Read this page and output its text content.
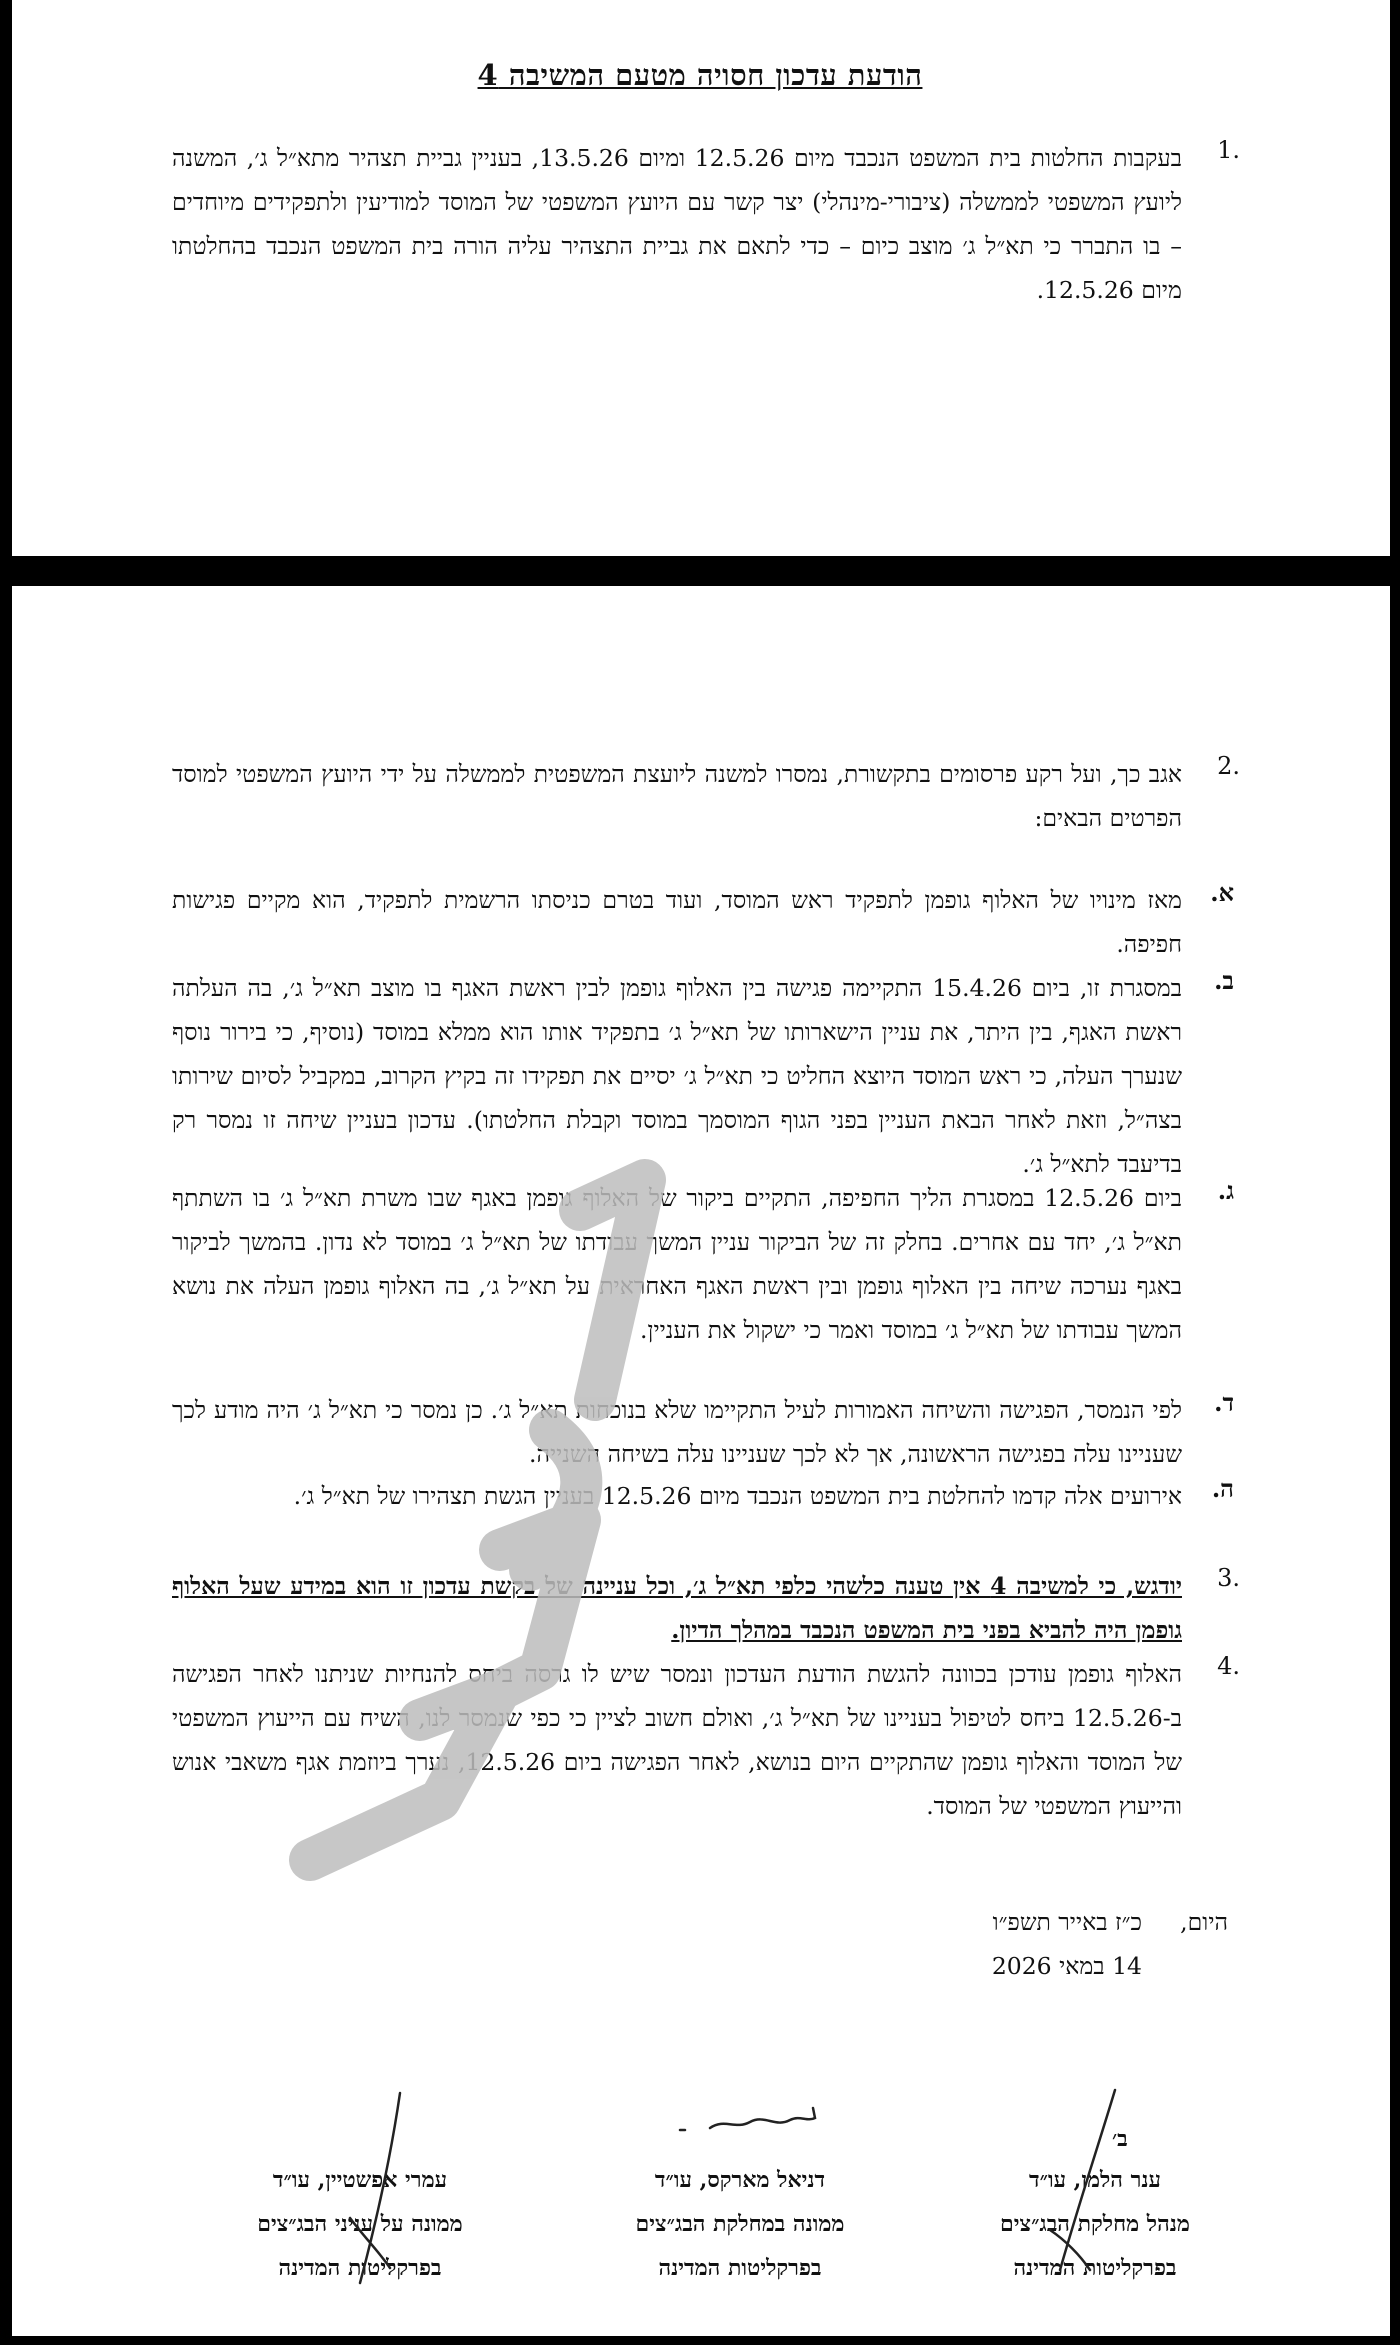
הודעת עדכון חסויה מטעם המשיבה 4
.1
בעקבות החלטות בית המשפט הנכבד מיום 12.5.26 ומיום 13.5.26, בעניין גביית תצהיר מתא״ל ג׳, המשנה ליועץ המשפטי לממשלה (ציבורי-מינהלי) יצר קשר עם היועץ המשפטי של המוסד למודיעין ולתפקידים מיוחדים – בו התברר כי תא״ל ג׳ מוצב כיום – כדי לתאם את גביית התצהיר עליה הורה בית המשפט הנכבד בהחלטתו מיום 12.5.26.
.2
אגב כך, ועל רקע פרסומים בתקשורת, נמסרו למשנה ליועצת המשפטית לממשלה על ידי היועץ המשפטי למוסד הפרטים הבאים:
א.
מאז מינויו של האלוף גופמן לתפקיד ראש המוסד, ועוד בטרם כניסתו הרשמית לתפקיד, הוא מקיים פגישות חפיפה.
ב.
במסגרת זו, ביום 15.4.26 התקיימה פגישה בין האלוף גופמן לבין ראשת האגף בו מוצב תא״ל ג׳, בה העלתה ראשת האגף, בין היתר, את עניין הישארותו של תא״ל ג׳ בתפקיד אותו הוא ממלא במוסד (נוסיף, כי בירור נוסף שנערך העלה, כי ראש המוסד היוצא החליט כי תא״ל ג׳ יסיים את תפקידו זה בקיץ הקרוב, במקביל לסיום שירותו בצה״ל, וזאת לאחר הבאת העניין בפני הגוף המוסמך במוסד וקבלת החלטתו). עדכון בעניין שיחה זו נמסר רק בדיעבד לתא״ל ג׳.
ג.
ביום 12.5.26 במסגרת הליך החפיפה, התקיים ביקור של האלוף גופמן באגף שבו משרת תא״ל ג׳ בו השתתף תא״ל ג׳, יחד עם אחרים. בחלק זה של הביקור עניין המשך עבודתו של תא״ל ג׳ במוסד לא נדון. בהמשך לביקור באגף נערכה שיחה בין האלוף גופמן ובין ראשת האגף האחראית על תא״ל ג׳, בה האלוף גופמן העלה את נושא המשך עבודתו של תא״ל ג׳ במוסד ואמר כי ישקול את העניין.
ד.
לפי הנמסר, הפגישה והשיחה האמורות לעיל התקיימו שלא בנוכחות תא״ל ג׳. כן נמסר כי תא״ל ג׳ היה מודע לכך שעניינו עלה בפגישה הראשונה, אך לא לכך שעניינו עלה בשיחה השנייה.
ה.
אירועים אלה קדמו להחלטת בית המשפט הנכבד מיום 12.5.26 בעניין הגשת תצהירו של תא״ל ג׳.
.3
יודגש, כי למשיבה 4 אין טענה כלשהי כלפי תא״ל ג׳, וכל עניינה של בקשת עדכון זו הוא במידע שעל האלוף גופמן היה להביא בפני בית המשפט הנכבד במהלך הדיון.
.4
האלוף גופמן עודכן בכוונה להגשת הודעת העדכון ונמסר שיש לו גרסה ביחס להנחיות שניתנו לאחר הפגישה ב-12.5.26 ביחס לטיפול בעניינו של תא״ל ג׳, ואולם חשוב לציין כי כפי שנמסר לנו, השיח עם הייעוץ המשפטי של המוסד והאלוף גופמן שהתקיים היום בנושא, לאחר הפגישה ביום 12.5.26, נערך ביוזמת אגף משאבי אנוש והייעוץ המשפטי של המוסד.
היום,
כ״ז באייר תשפ״ו
14 במאי 2026
ב׳
ענר הלמן, עו״ד
מנהל מחלקת הבג״צים
בפרקליטות המדינה
דניאל מארקס, עו״ד
ממונה במחלקת הבג״צים
בפרקליטות המדינה
עמרי אפשטיין, עו״ד
ממונה על עניני הבג״צים
בפרקליטות המדינה
